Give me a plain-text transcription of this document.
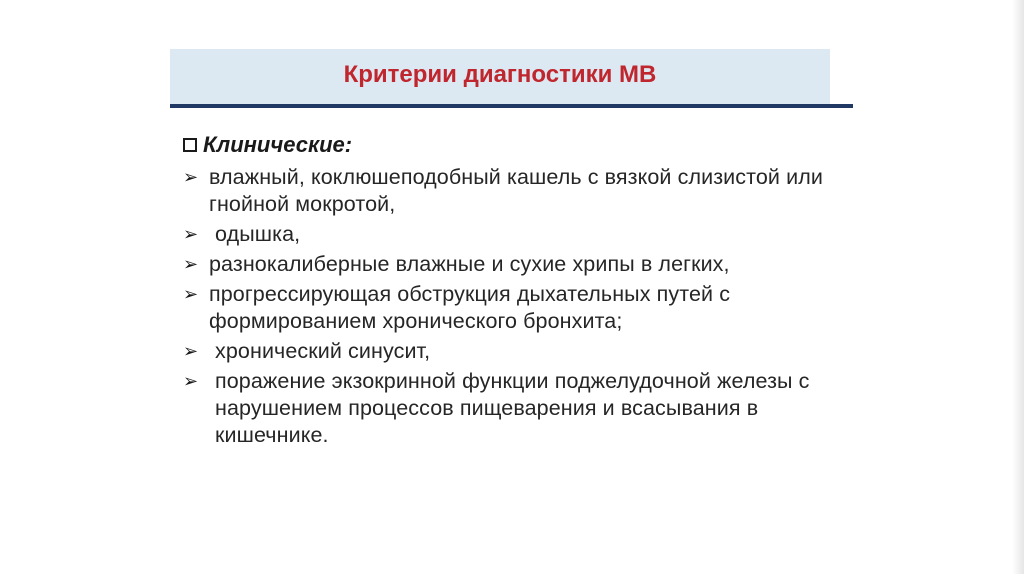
Критерии диагностики МВ
Клинические:
➢ влажный, коклюшеподобный кашель с вязкой слизистой или гнойной мокротой,
➢ одышка,
➢ разнокалиберные влажные и сухие хрипы в легких,
➢ прогрессирующая обструкция дыхательных путей с формированием хронического бронхита;
➢ хронический синусит,
➢ поражение экзокринной функции поджелудочной железы с нарушением процессов пищеварения и всасывания в кишечнике.
